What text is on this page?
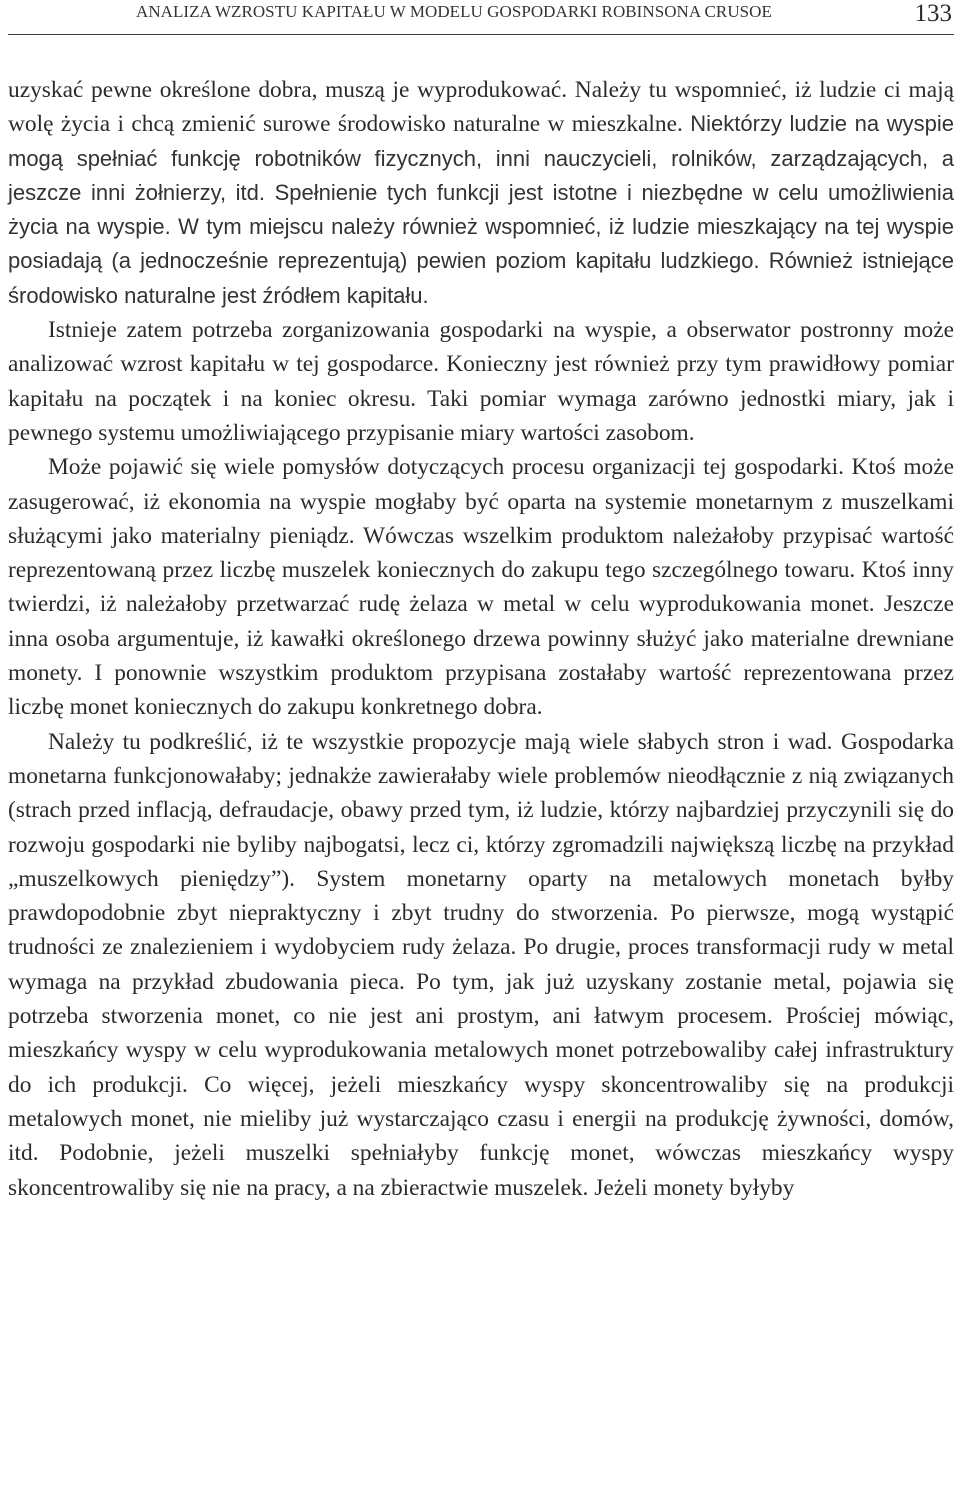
ANALIZA WZROSTU KAPITAŁU W MODELU GOSPODARKI ROBINSONA CRUSOE	133

uzyskać pewne określone dobra, muszą je wyprodukować. Należy tu wspomnieć, iż ludzie ci mają wolę życia i chcą zmienić surowe środowisko naturalne w mieszkalne. Niektórzy ludzie na wyspie mogą spełniać funkcję robotników fizycznych, inni nauczycieli, rolników, zarządzających, a jeszcze inni żołnierzy, itd. Spełnienie tych funkcji jest istotne i niezbędne w celu umożliwienia życia na wyspie. W tym miejscu należy również wspomnieć, iż ludzie mieszkający na tej wyspie posiadają (a jednocześnie reprezentują) pewien poziom kapitału ludzkiego. Również istniejące środowisko naturalne jest źródłem kapitału.

Istnieje zatem potrzeba zorganizowania gospodarki na wyspie, a obserwator postronny może analizować wzrost kapitału w tej gospodarce. Konieczny jest również przy tym prawidłowy pomiar kapitału na początek i na koniec okresu. Taki pomiar wymaga zarówno jednostki miary, jak i pewnego systemu umożliwiającego przypisanie miary wartości zasobom.

Może pojawić się wiele pomysłów dotyczących procesu organizacji tej gospodarki. Ktoś może zasugerować, iż ekonomia na wyspie mogłaby być oparta na systemie monetarnym z muszelkami służącymi jako materialny pieniądz. Wówczas wszelkim produktom należałoby przypisać wartość reprezentowaną przez liczbę muszelek koniecznych do zakupu tego szczególnego towaru. Ktoś inny twierdzi, iż należałoby przetwarzać rudę żelaza w metal w celu wyprodukowania monet. Jeszcze inna osoba argumentuje, iż kawałki określonego drzewa powinny służyć jako materialne drewniane monety. I ponownie wszystkim produktom przypisana zostałaby wartość reprezentowana przez liczbę monet koniecznych do zakupu konkretnego dobra.

Należy tu podkreślić, iż te wszystkie propozycje mają wiele słabych stron i wad. Gospodarka monetarna funkcjonowałaby; jednakże zawierałaby wiele problemów nieodłącznie z nią związanych (strach przed inflacją, defraudacje, obawy przed tym, iż ludzie, którzy najbardziej przyczynili się do rozwoju gospodarki nie byliby najbogatsi, lecz ci, którzy zgromadzili największą liczbę na przykład „muszelkowych pieniędzy”). System monetarny oparty na metalowych monetach byłby prawdopodobnie zbyt niepraktyczny i zbyt trudny do stworzenia. Po pierwsze, mogą wystąpić trudności ze znalezieniem i wydobyciem rudy żelaza. Po drugie, proces transformacji rudy w metal wymaga na przykład zbudowania pieca. Po tym, jak już uzyskany zostanie metal, pojawia się potrzeba stworzenia monet, co nie jest ani prostym, ani łatwym procesem. Prościej mówiąc, mieszkańcy wyspy w celu wyprodukowania metalowych monet potrzebowaliby całej infrastruktury do ich produkcji. Co więcej, jeżeli mieszkańcy wyspy skoncentrowaliby się na produkcji metalowych monet, nie mieliby już wystarczająco czasu i energii na produkcję żywności, domów, itd. Podobnie, jeżeli muszelki spełniałyby funkcję monet, wówczas mieszkańcy wyspy skoncentrowaliby się nie na pracy, a na zbieractwie muszelek. Jeżeli monety byłyby
